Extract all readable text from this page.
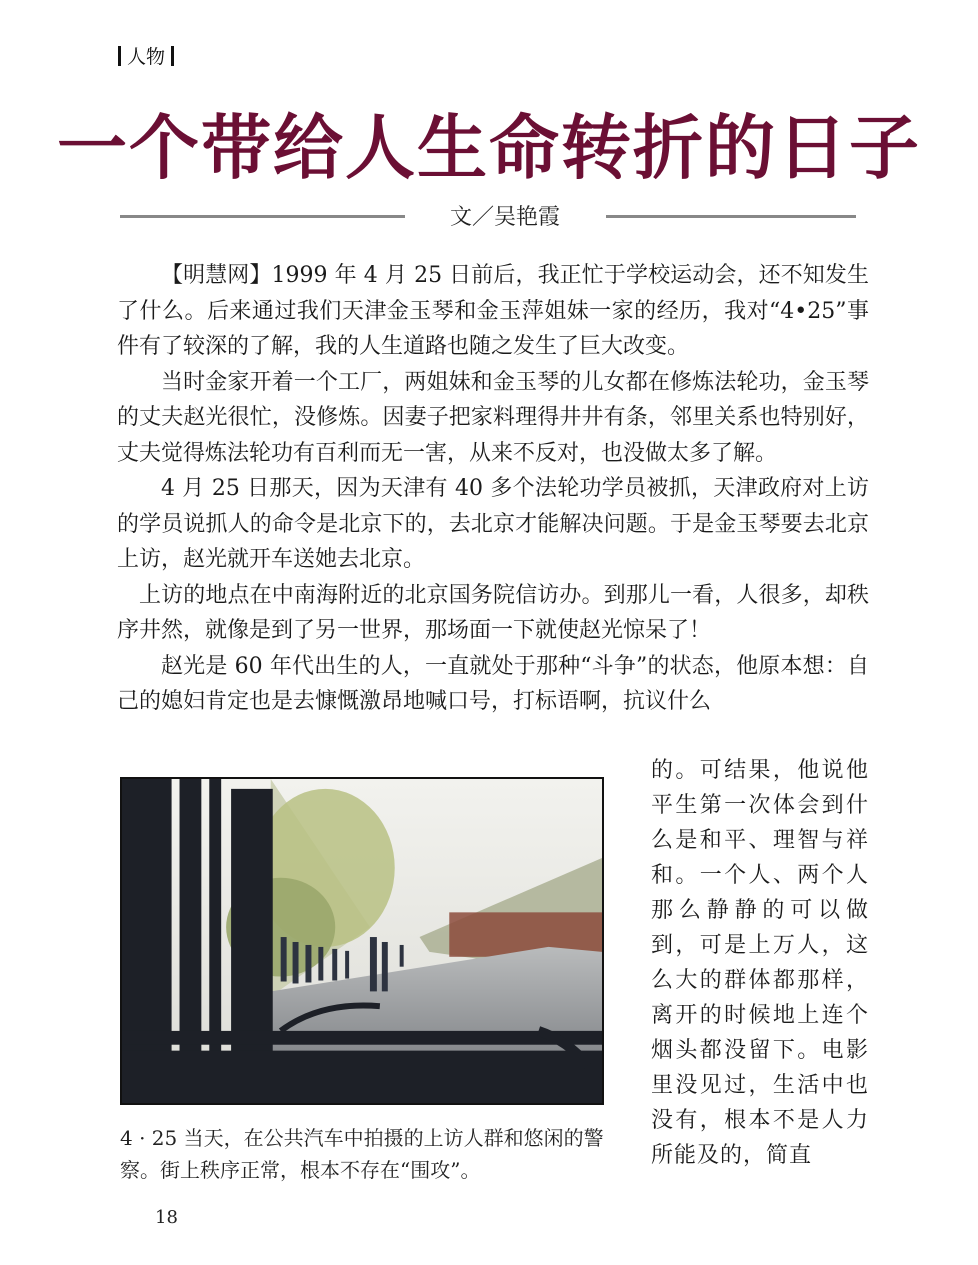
人物
一个带给人生命转折的日子
文／吴艳霞

【明慧网】1999 年 4 月 25 日前后，我正忙于学校运动会，还不知发生了什么。后来通过我们天津金玉琴和金玉萍姐妹一家的经历，我对“4•25”事件有了较深的了解，我的人生道路也随之发生了巨大改变。

当时金家开着一个工厂，两姐妹和金玉琴的儿女都在修炼法轮功，金玉琴的丈夫赵光很忙，没修炼。因妻子把家料理得井井有条，邻里关系也特别好，丈夫觉得炼法轮功有百利而无一害，从来不反对，也没做太多了解。

4 月 25 日那天，因为天津有 40 多个法轮功学员被抓，天津政府对上访的学员说抓人的命令是北京下的，去北京才能解决问题。于是金玉琴要去北京上访，赵光就开车送她去北京。

上访的地点在中南海附近的北京国务院信访办。到那儿一看，人很多，却秩序井然，就像是到了另一世界，那场面一下就使赵光惊呆了！

赵光是 60 年代出生的人，一直就处于那种“斗争”的状态，他原本想：自己的媳妇肯定也是去慷慨激昂地喊口号，打标语啊，抗议什么

4 · 25 当天，在公共汽车中拍摄的上访人群和悠闲的警察。街上秩序正常，根本不存在“围攻”。
的。可结果，他说他平生第一次体会到什么是和平、理智与祥和。一个人、两个人那么静静的可以做到，可是上万人，这么大的群体都那样，离开的时候地上连个烟头都没留下。电影里没见过，生活中也没有，根本不是人力所能及的，简直
18
